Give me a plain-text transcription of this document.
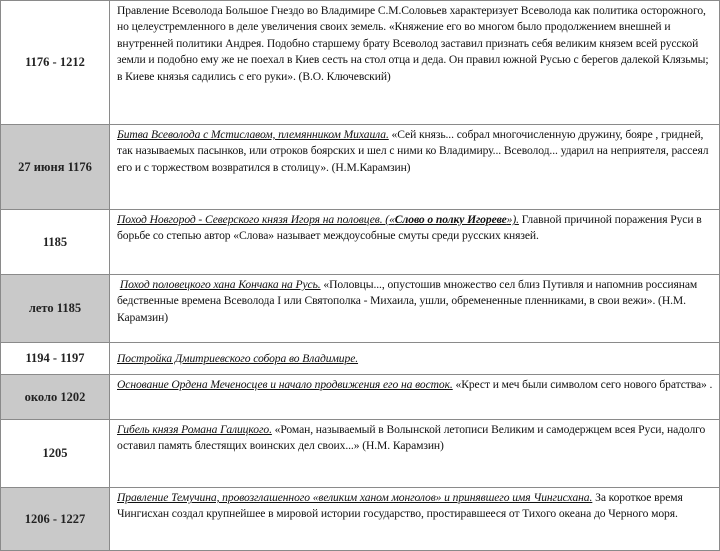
1176 - 1212	Правление Всеволода Большое Гнездо во Владимире С.М.Соловьев характеризует Всеволода как политика осторожного, но целеустремленного в деле увеличения своих земель. «Княжение его во многом было продолжением внешней и внутренней политики Андрея. Подобно старшему брату Всеволод заставил признать себя великим князем всей русской земли и подобно ему же не поехал в Киев сесть на стол отца и деда. Он правил южной Русью с берегов далекой Клязьмы; в Киеве князья садились с его руки». (В.О. Ключевский)
27 июня 1176	Битва Всеволода с Мстиславом, племянником Михаила. «Сей князь... собрал многочисленную дружину, бояре , гридней, так называемых пасынков, или отроков боярских и шел с ними ко Владимиру... Всеволод... ударил на неприятеля, рассеял его и с торжеством возвратился в столицу». (Н.М.Карамзин)
1185	Поход Новгород - Северского князя Игоря на половцев. («Слово о полку Игореве»). Главной причиной поражения Руси в борьбе со степью автор «Слова» называет междоусобные смуты среди русских князей.
лето 1185	Поход половецкого хана Кончака на Русь. «Половцы..., опустошив множество сел близ Путивля и напомнив россиянам бедственные времена Всеволода I или Святополка - Михаила, ушли, обремененные пленниками, в свои вежи». (Н.М. Карамзин)
1194 - 1197	Постройка Дмитриевского собора во Владимире.
около 1202	Основание Ордена Меченосцев и начало продвижения его на восток. «Крест и меч были символом сего нового братства» .
1205	Гибель князя Романа Галицкого. «Роман, называемый в Волынской летописи Великим и самодержцем всея Руси, надолго оставил память блестящих воинских дел своих...» (Н.М. Карамзин)
1206 - 1227	Правление Темучина, провозглашенного «великим ханом монголов» и принявшего имя Чингисхана. За короткое время Чингисхан создал крупнейшее в мировой истории государство, простиравшееся от Тихого океана до Черного моря.
